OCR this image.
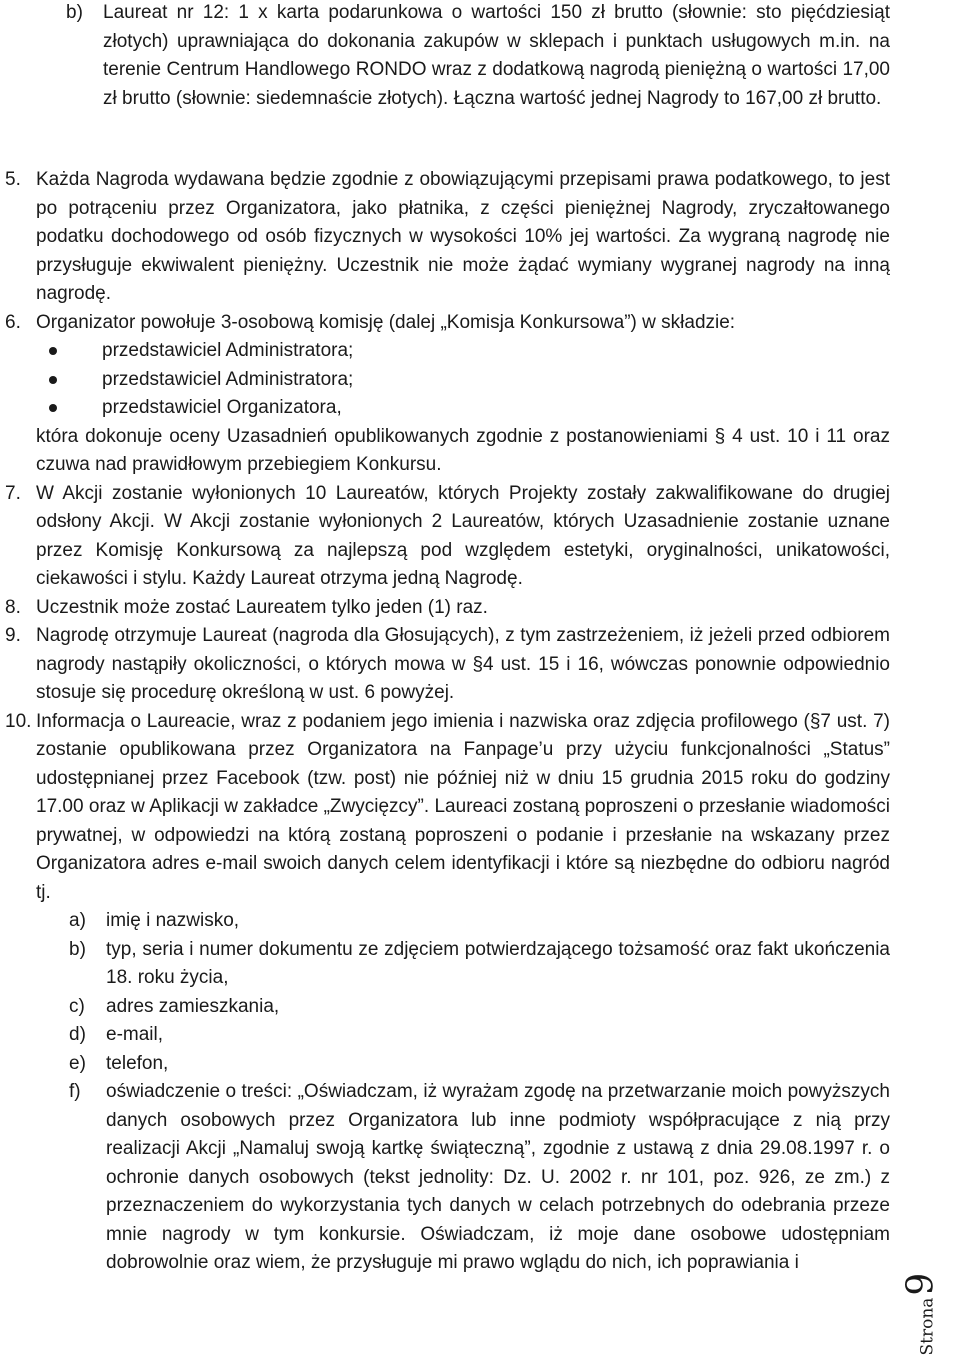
b)	Laureat nr 12: 1 x karta podarunkowa o wartości 150 zł brutto (słownie: sto pięćdziesiąt złotych) uprawniająca do dokonania zakupów w sklepach i punktach usługowych m.in. na terenie Centrum Handlowego RONDO wraz z dodatkową nagrodą pieniężną o wartości 17,00 zł brutto (słownie: siedemnaście złotych). Łączna wartość jednej Nagrody to 167,00 zł brutto.
5. Każda Nagroda wydawana będzie zgodnie z obowiązującymi przepisami prawa podatkowego, to jest po potrąceniu przez Organizatora, jako płatnika, z części pieniężnej Nagrody, zryczałtowanego podatku dochodowego od osób fizycznych w wysokości 10% jej wartości. Za wygraną nagrodę nie przysługuje ekwiwalent pieniężny. Uczestnik nie może żądać wymiany wygranej nagrody na inną nagrodę.
6. Organizator powołuje 3-osobową komisję (dalej „Komisja Konkursowa”) w składzie:
przedstawiciel Administratora;
przedstawiciel Administratora;
przedstawiciel Organizatora,
która dokonuje oceny Uzasadnień opublikowanych zgodnie z postanowieniami § 4 ust. 10 i 11 oraz czuwa nad prawidłowym przebiegiem Konkursu.
7. W Akcji zostanie wyłonionych 10 Laureatów, których Projekty zostały zakwalifikowane do drugiej odsłony Akcji. W Akcji zostanie wyłonionych 2 Laureatów, których Uzasadnienie zostanie uznane przez Komisję Konkursową za najlepszą pod względem estetyki, oryginalności, unikatowości, ciekawości i stylu. Każdy Laureat otrzyma jedną Nagrodę.
8. Uczestnik może zostać Laureatem tylko jeden (1) raz.
9. Nagrodę otrzymuje Laureat (nagroda dla Głosujących), z tym zastrzeżeniem, iż jeżeli przed odbiorem nagrody nastąpiły okoliczności, o których mowa w §4 ust. 15 i 16, wówczas ponownie odpowiednio stosuje się procedurę określoną w ust. 6 powyżej.
10. Informacja o Laureacie, wraz z podaniem jego imienia i nazwiska oraz zdjęcia profilowego (§7 ust. 7) zostanie opublikowana przez Organizatora na Fanpage’u przy użyciu funkcjonalności „Status” udostępnianej przez Facebook (tzw. post) nie później niż w dniu 15 grudnia 2015 roku do godziny 17.00 oraz w Aplikacji w zakładce „Zwycięzcy”. Laureaci zostaną poproszeni o przesłanie wiadomości prywatnej, w odpowiedzi na którą zostaną poproszeni o podanie i przesłanie na wskazany przez Organizatora adres e-mail swoich danych celem identyfikacji i które są niezbędne do odbioru nagród tj.
a)	imię i nazwisko,
b)	typ, seria i numer dokumentu ze zdjęciem potwierdzającego tożsamość oraz fakt ukończenia 18. roku życia,
c)	adres zamieszkania,
d)	e-mail,
e)	telefon,
f)	oświadczenie o treści: „Oświadczam, iż wyrażam zgodę na przetwarzanie moich powyższych danych osobowych przez Organizatora lub inne podmioty współpracujące z nią przy realizacji Akcji „Namaluj swoją kartkę świąteczną”, zgodnie z ustawą z dnia 29.08.1997 r. o ochronie danych osobowych (tekst jednolity: Dz. U. 2002 r. nr 101, poz. 926, ze zm.) z przeznaczeniem do wykorzystania tych danych w celach potrzebnych do odebrania przeze mnie nagrody w tym konkursie. Oświadczam, iż moje dane osobowe udostępniam dobrowolnie oraz wiem, że przysługuje mi prawo wglądu do nich, ich poprawiania i
Strona9
